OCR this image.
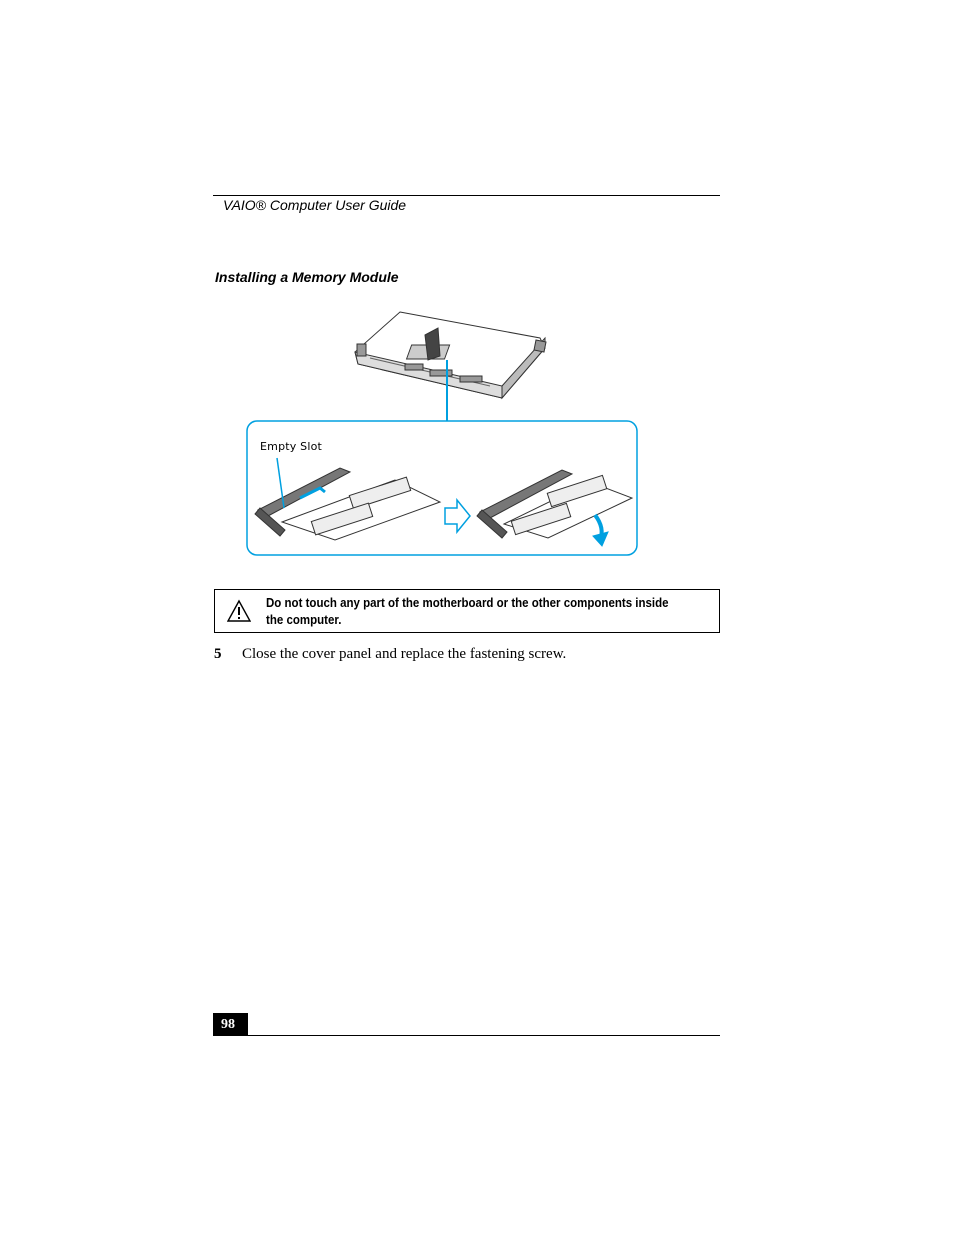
VAIO® Computer User Guide
Installing a Memory Module
Empty Slot
Do not touch any part of the motherboard or the other components inside the computer.
5 Close the cover panel and replace the fastening screw.
98
